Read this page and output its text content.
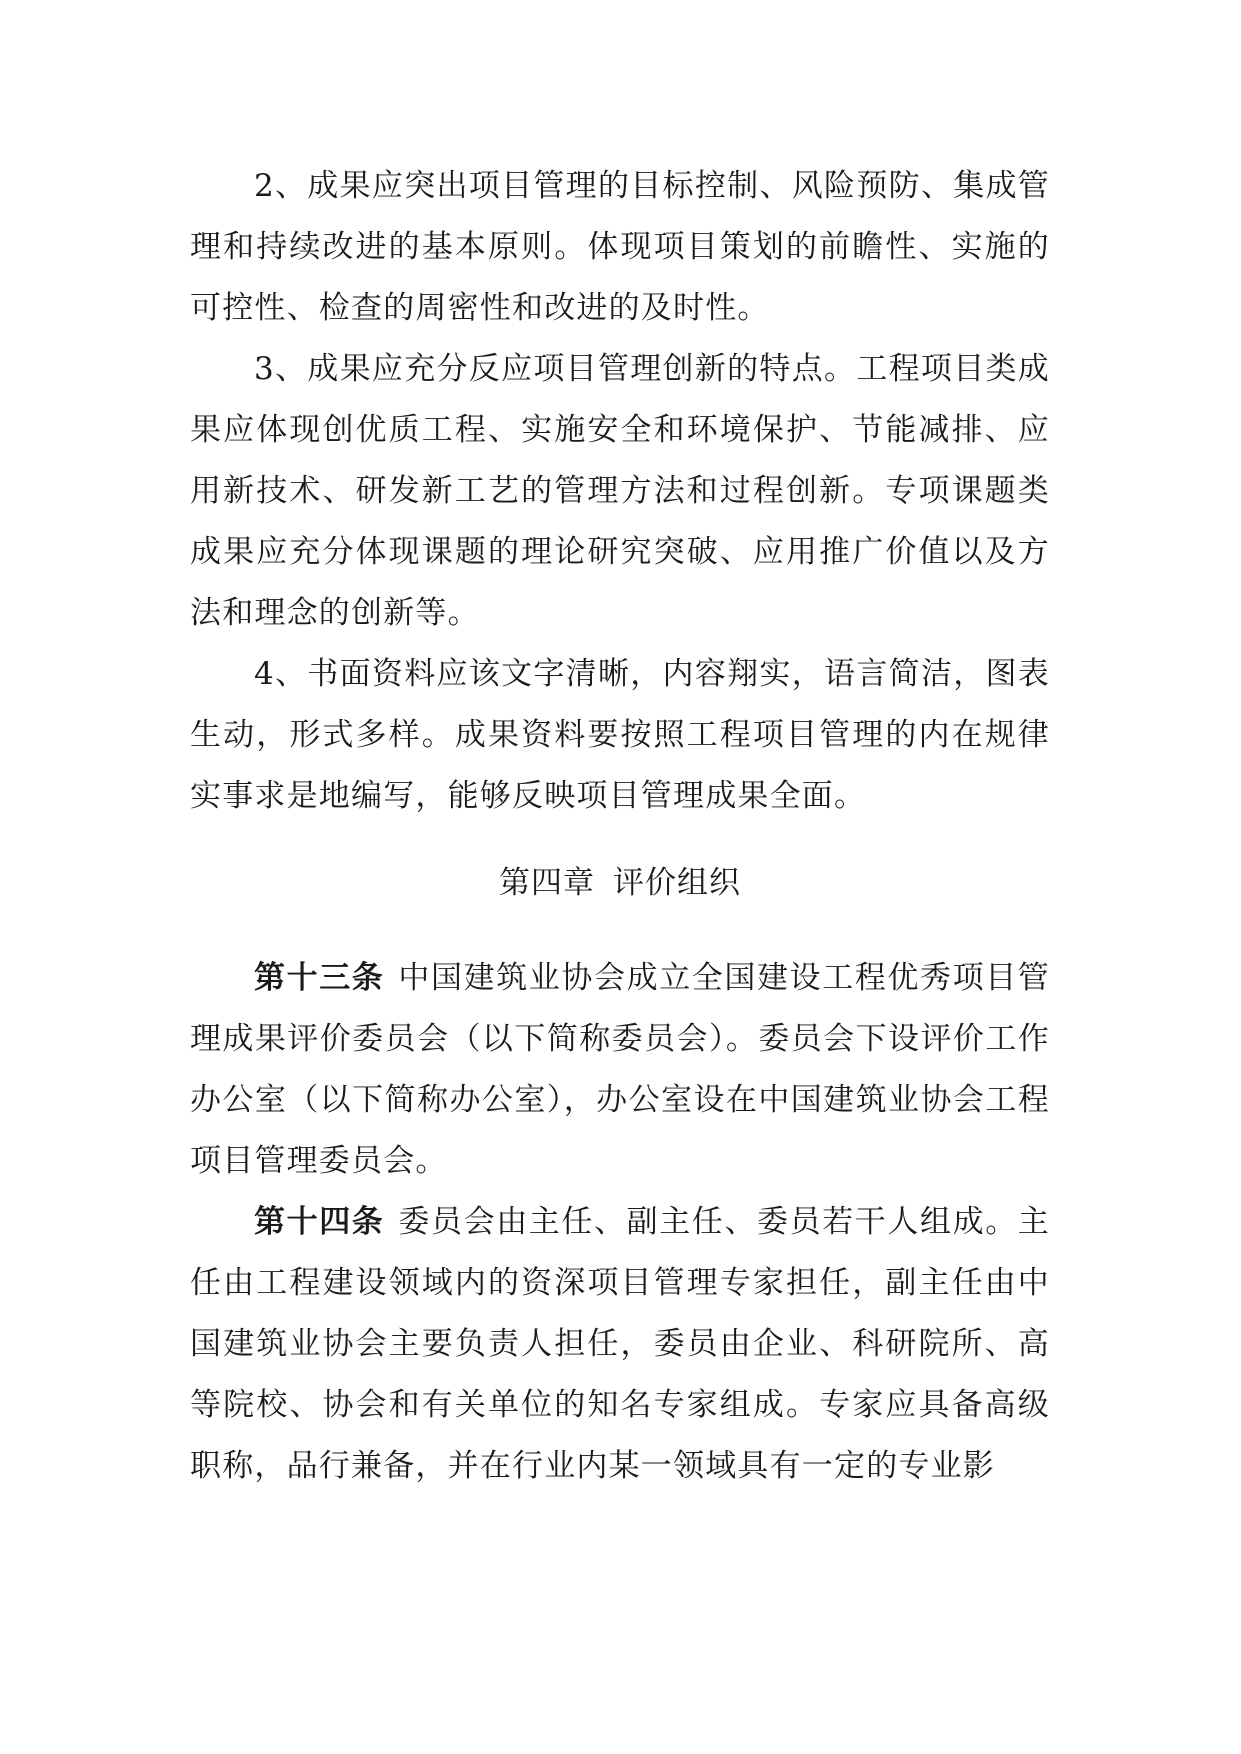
2、成果应突出项目管理的目标控制、风险预防、集成管理和持续改进的基本原则。体现项目策划的前瞻性、实施的可控性、检查的周密性和改进的及时性。

3、成果应充分反应项目管理创新的特点。工程项目类成果应体现创优质工程、实施安全和环境保护、节能减排、应用新技术、研发新工艺的管理方法和过程创新。专项课题类成果应充分体现课题的理论研究突破、应用推广价值以及方法和理念的创新等。

4、书面资料应该文字清晰，内容翔实，语言简洁，图表生动，形式多样。成果资料要按照工程项目管理的内在规律实事求是地编写，能够反映项目管理成果全面。

第四章 评价组织

第十三条 中国建筑业协会成立全国建设工程优秀项目管理成果评价委员会（以下简称委员会）。委员会下设评价工作办公室（以下简称办公室），办公室设在中国建筑业协会工程项目管理委员会。

第十四条 委员会由主任、副主任、委员若干人组成。主任由工程建设领域内的资深项目管理专家担任，副主任由中国建筑业协会主要负责人担任，委员由企业、科研院所、高等院校、协会和有关单位的知名专家组成。专家应具备高级职称，品行兼备，并在行业内某一领域具有一定的专业影
